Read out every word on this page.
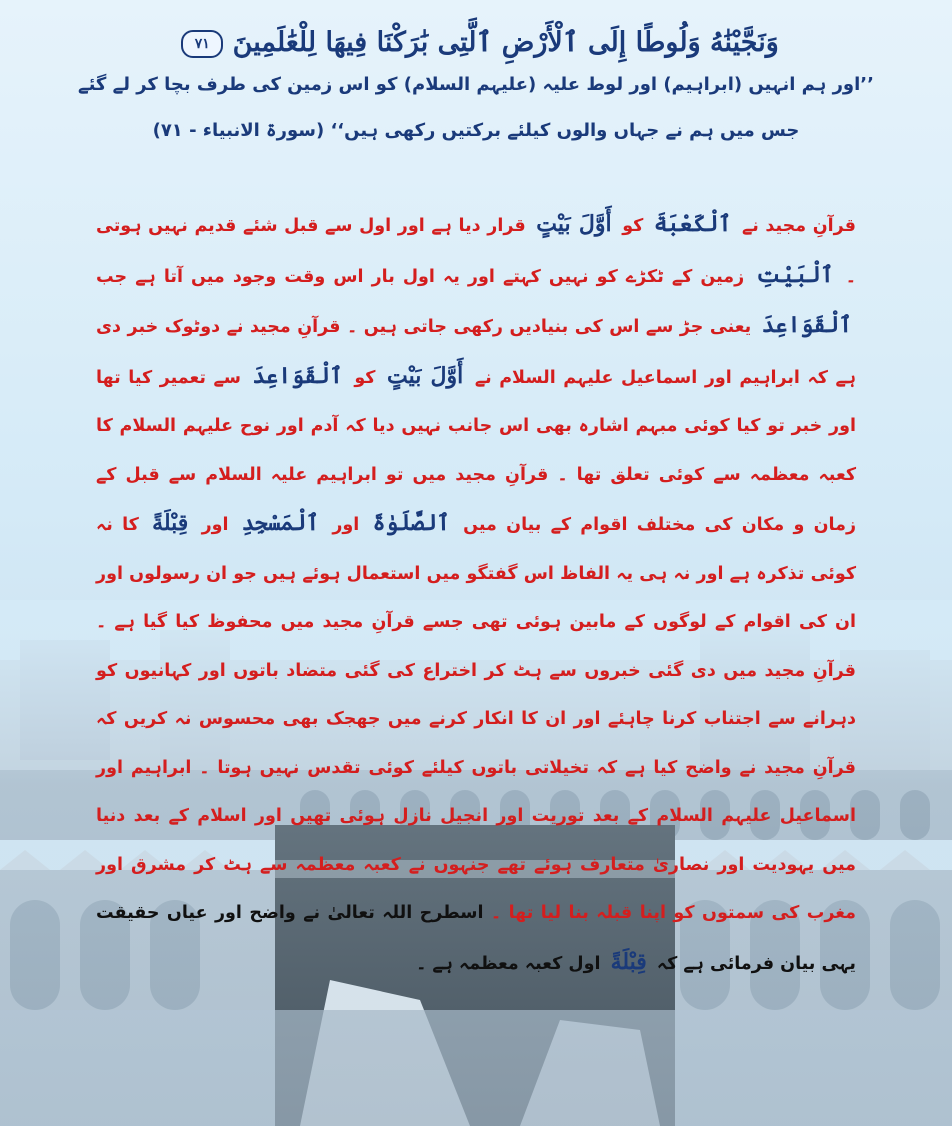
وَنَجَّيْنَٰهُ وَلُوطًا إِلَى ٱلْأَرْضِ ٱلَّتِى بَٰرَكْنَا فِيهَا لِلْعَٰلَمِينَ ٧١
’’اور ہم انہیں (ابراہیم) اور لوط علیہ (علیہم السلام) کو اس زمین کی طرف بچا کر لے گئے
جس میں ہم نے جہاں والوں کیلئے برکتیں رکھی ہیں‘‘ (سورۃ الانبیاء - ۷۱)
قرآنِ مجید نے ٱلْكَعْبَةَ کو أَوَّلَ بَيْتٍ قرار دیا ہے اور اول سے قبل شئے قدیم نہیں ہوتی ۔ ٱلْبَيْتِ زمین کے ٹکڑے کو نہیں کہتے اور یہ اول بار اس وقت وجود میں آتا ہے جب ٱلْقَوَاعِدَ یعنی جڑ سے اس کی بنیادیں رکھی جاتی ہیں ۔ قرآنِ مجید نے دوٹوک خبر دی ہے کہ ابراہیم اور اسماعیل علیہم السلام نے أَوَّلَ بَيْتٍ کو ٱلْقَوَاعِدَ سے تعمیر کیا تھا اور خبر تو کیا کوئی مبہم اشارہ بھی اس جانب نہیں دیا کہ آدم اور نوح علیہم السلام کا کعبہ معظمہ سے کوئی تعلق تھا ۔ قرآنِ مجید میں تو ابراہیم علیہ السلام سے قبل کے زمان و مکان کی مختلف اقوام کے بیان میں ٱلصَّلَوٰةَ اور ٱلْمَسْجِدِ اور قِبْلَةً کا نہ کوئی تذکرہ ہے اور نہ ہی یہ الفاظ اس گفتگو میں استعمال ہوئے ہیں جو ان رسولوں اور ان کی اقوام کے لوگوں کے مابین ہوئی تھی جسے قرآنِ مجید میں محفوظ کیا گیا ہے ۔ قرآنِ مجید میں دی گئی خبروں سے ہٹ کر اختراع کی گئی متضاد باتوں اور کہانیوں کو دہرانے سے اجتناب کرنا چاہئے اور ان کا انکار کرنے میں جھجک بھی محسوس نہ کریں کہ قرآنِ مجید نے واضح کیا ہے کہ تخیلاتی باتوں کیلئے کوئی تقدس نہیں ہوتا ۔ ابراہیم اور اسماعیل علیہم السلام کے بعد توریت اور انجیل نازل ہوئی تھیں اور اسلام کے بعد دنیا میں یہودیت اور نصاریٰ متعارف ہوئے تھے جنہوں نے کعبہ معظمہ سے ہٹ کر مشرق اور مغرب کی سمتوں کو اپنا قبلہ بنا لیا تھا ۔ اسطرح اللہ تعالیٰ نے واضح اور عیاں حقیقت یہی بیان فرمائی ہے کہ قِبْلَةً اول کعبہ معظمہ ہے ۔
